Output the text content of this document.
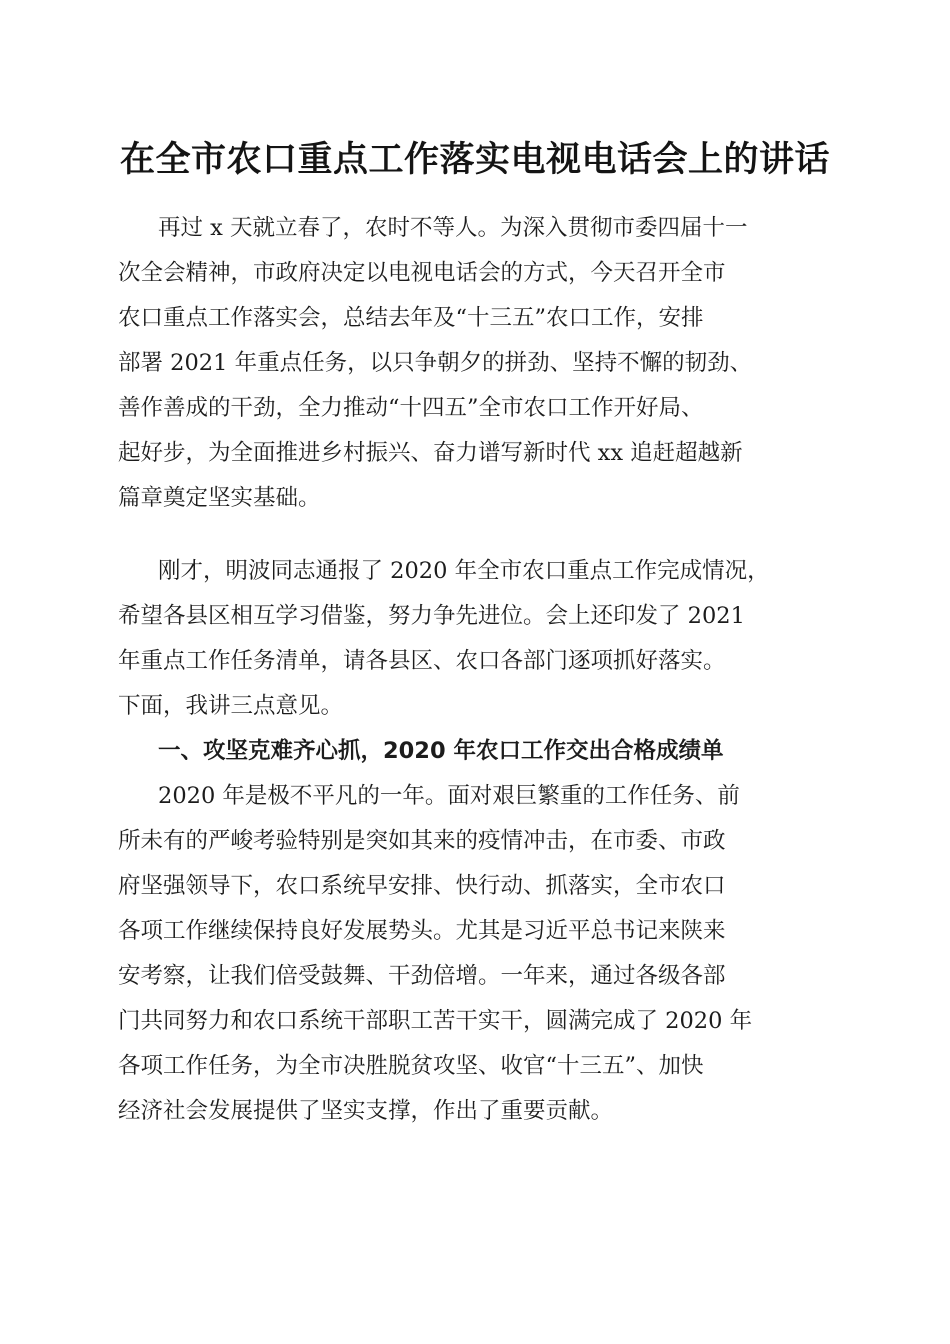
在全市农口重点工作落实电视电话会上的讲话
再过 x 天就立春了，农时不等人。为深入贯彻市委四届十一
次全会精神，市政府决定以电视电话会的方式，今天召开全市
农口重点工作落实会，总结去年及“十三五”农口工作，安排
部署 2021 年重点任务，以只争朝夕的拼劲、坚持不懈的韧劲、
善作善成的干劲，全力推动“十四五”全市农口工作开好局、
起好步，为全面推进乡村振兴、奋力谱写新时代 xx 追赶超越新
篇章奠定坚实基础。
刚才，明波同志通报了 2020 年全市农口重点工作完成情况，
希望各县区相互学习借鉴，努力争先进位。会上还印发了 2021
年重点工作任务清单，请各县区、农口各部门逐项抓好落实。
下面，我讲三点意见。
一、攻坚克难齐心抓，2020 年农口工作交出合格成绩单
2020 年是极不平凡的一年。面对艰巨繁重的工作任务、前
所未有的严峻考验特别是突如其来的疫情冲击，在市委、市政
府坚强领导下，农口系统早安排、快行动、抓落实，全市农口
各项工作继续保持良好发展势头。尤其是习近平总书记来陕来
安考察，让我们倍受鼓舞、干劲倍增。一年来，通过各级各部
门共同努力和农口系统干部职工苦干实干，圆满完成了 2020 年
各项工作任务，为全市决胜脱贫攻坚、收官“十三五”、加快
经济社会发展提供了坚实支撑，作出了重要贡献。
